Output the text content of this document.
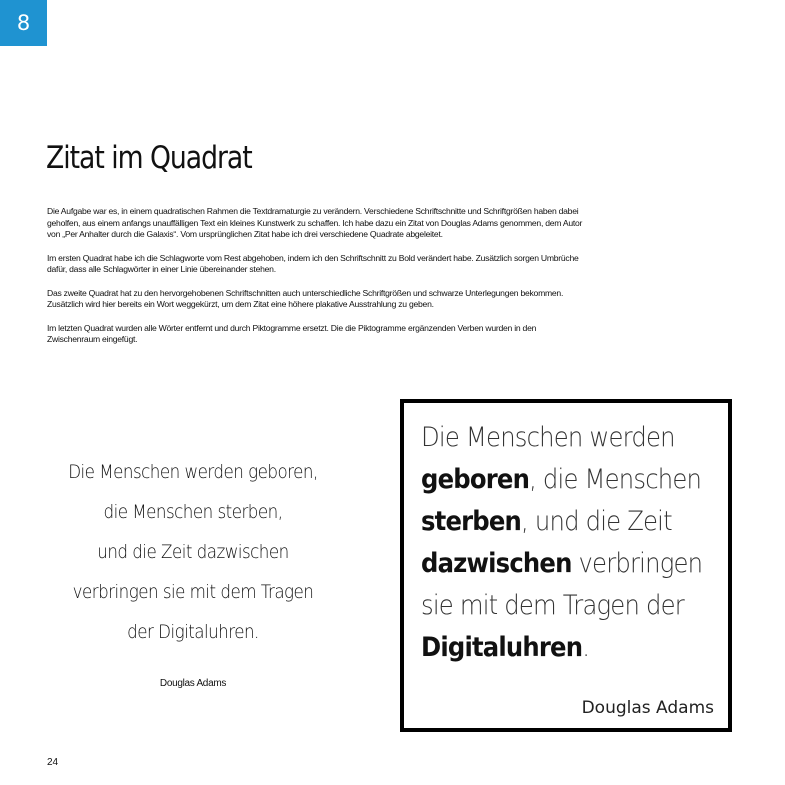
8
Zitat im Quadrat

Die Aufgabe war es, in einem quadratischen Rahmen die Textdramaturgie zu verändern. Verschiedene Schriftschnitte und Schriftgrößen haben dabei geholfen, aus einem anfangs unauffälligen Text ein kleines Kunstwerk zu schaffen. Ich habe dazu ein Zitat von Douglas Adams genommen, dem Autor von „Per Anhalter durch die Galaxis“. Vom ursprünglichen Zitat habe ich drei verschiedene Quadrate abgeleitet.

Im ersten Quadrat habe ich die Schlagworte vom Rest abgehoben, indem ich den Schriftschnitt zu Bold verändert habe. Zusätzlich sorgen Umbrüche dafür, dass alle Schlagwörter in einer Linie übereinander stehen.

Das zweite Quadrat hat zu den hervorgehobenen Schriftschnitten auch unterschiedliche Schriftgrößen und schwarze Unterlegungen bekommen. Zusätzlich wird hier bereits ein Wort weggekürzt, um dem Zitat eine höhere plakative Ausstrahlung zu geben.

Im letzten Quadrat wurden alle Wörter entfernt und durch Piktogramme ersetzt. Die die Piktogramme ergänzenden Verben wurden in den Zwischenraum eingefügt.

Die Menschen werden geboren,
die Menschen sterben,
und die Zeit dazwischen
verbringen sie mit dem Tragen
der Digitaluhren.
Douglas Adams
Die Menschen werden
geboren, die Menschen
sterben, und die Zeit
dazwischen verbringen
sie mit dem Tragen der
Digitaluhren.
Douglas Adams
24
